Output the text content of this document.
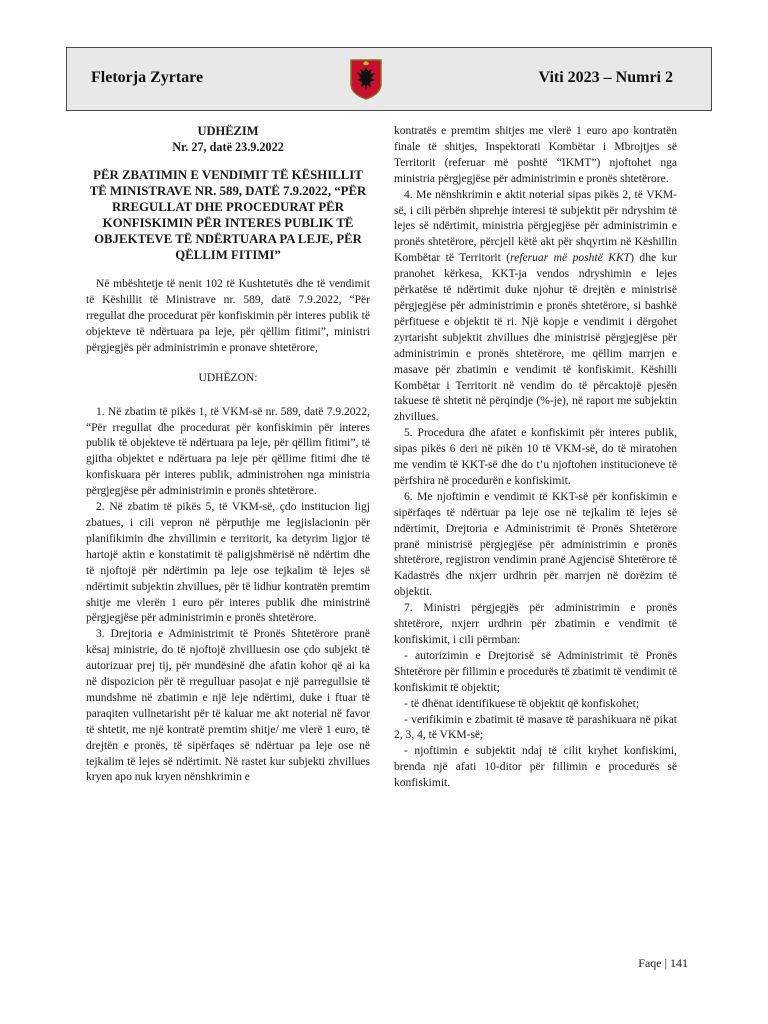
Fletorja Zyrtare	Viti 2023 – Numri 2
UDHËZIM
Nr. 27, datë 23.9.2022
PËR ZBATIMIN E VENDIMIT TË KËSHILLIT TË MINISTRAVE NR. 589, DATË 7.9.2022, “PËR RREGULLAT DHE PROCEDURAT PËR KONFISKIMIN PËR INTERES PUBLIK TË OBJEKTEVE TË NDËRTUARA PA LEJE, PËR QËLLIM FITIMI”

Në mbështetje të nenit 102 të Kushtetutës dhe të vendimit të Këshillit të Ministrave nr. 589, datë 7.9.2022, “Për rregullat dhe procedurat për konfiskimin për interes publik të objekteve të ndërtuara pa leje, për qëllim fitimi”, ministri përgjegjës për administrimin e pronave shtetërore,

UDHËZON:

1. Në zbatim të pikës 1, të VKM-së nr. 589, datë 7.9.2022, “Për rregullat dhe procedurat për konfiskimin për interes publik të objekteve të ndërtuara pa leje, për qëllim fitimi”, të gjitha objektet e ndërtuara pa leje për qëllime fitimi dhe të konfiskuara për interes publik, administrohen nga ministria përgjegjëse për administrimin e pronës shtetërore.

2. Në zbatim të pikës 5, të VKM-së, çdo institucion ligj zbatues, i cili vepron në përputhje me legjislacionin për planifikimin dhe zhvillimin e territorit, ka detyrim ligjor të hartojë aktin e konstatimit të paligjshmërisë në ndërtim dhe të njoftojë për ndërtimin pa leje ose tejkalim të lejes së ndërtimit subjektin zhvillues, për të lidhur kontratën premtim shitje me vlerën 1 euro për interes publik dhe ministrinë përgjegjëse për administrimin e pronës shtetërore.

3. Drejtoria e Administrimit të Pronës Shtetërore pranë kësaj ministrie, do të njoftojë zhvilluesin ose çdo subjekt të autorizuar prej tij, për mundësinë dhe afatin kohor që ai ka në dispozicion për të rregulluar pasojat e një parregullsie të mundshme në zbatimin e një leje ndërtimi, duke i ftuar të paraqiten vullnetarisht për të kaluar me akt noterial në favor të shtetit, me një kontratë premtim shitje/ me vlerë 1 euro, të drejtën e pronës, të sipërfaqes së ndërtuar pa leje ose në tejkalim të lejes së ndërtimit. Në rastet kur subjekti zhvillues kryen apo nuk kryen nënshkrimin e

kontratës e premtim shitjes me vlerë 1 euro apo kontratën finale të shitjes, Inspektorati Kombëtar i Mbrojtjes së Territorit (referuar më poshtë “IKMT”) njoftohet nga ministria përgjegjëse për administrimin e pronës shtetërore.

4. Me nënshkrimin e aktit noterial sipas pikës 2, të VKM-së, i cili përbën shprehje interesi të subjektit për ndryshim të lejes së ndërtimit, ministria përgjegjëse për administrimin e pronës shtetërore, përcjell këtë akt për shqyrtim në Këshillin Kombëtar të Territorit (referuar më poshtë KKT) dhe kur pranohet kërkesa, KKT-ja vendos ndryshimin e lejes përkatëse të ndërtimit duke njohur të drejtën e ministrisë përgjegjëse për administrimin e pronës shtetërore, si bashkë përfituese e objektit të ri. Një kopje e vendimit i dërgohet zyrtarisht subjektit zhvillues dhe ministrisë përgjegjëse për administrimin e pronës shtetërore, me qëllim marrjen e masave për zbatimin e vendimit të konfiskimit. Këshilli Kombëtar i Territorit në vendim do të përcaktojë pjesën takuese të shtetit në përqindje (%-je), në raport me subjektin zhvillues.

5. Procedura dhe afatet e konfiskimit për interes publik, sipas pikës 6 deri në pikën 10 të VKM-së, do të miratohen me vendim të KKT-së dhe do t’u njoftohen institucioneve të përfshira në procedurën e konfiskimit.

6. Me njoftimin e vendimit të KKT-së për konfiskimin e sipërfaqes të ndërtuar pa leje ose në tejkalim të lejes së ndërtimit, Drejtoria e Administrimit të Pronës Shtetërore pranë ministrisë përgjegjëse për administrimin e pronës shtetërore, regjistron vendimin pranë Agjencisë Shtetërore të Kadastrës dhe nxjerr urdhrin për marrjen në dorëzim të objektit.

7. Ministri përgjegjës për administrimin e pronës shtetërore, nxjerr urdhrin për zbatimin e vendimit të konfiskimit, i cili përmban:

- autorizimin e Drejtorisë së Administrimit të Pronës Shtetërore për fillimin e procedurës të zbatimit të vendimit të konfiskimit të objektit;

- të dhënat identifikuese të objektit që konfiskohet;

- verifikimin e zbatimit të masave të parashikuara në pikat 2, 3, 4, të VKM-së;

- njoftimin e subjektit ndaj të cilit kryhet konfiskimi, brenda një afati 10-ditor për fillimin e procedurës së konfiskimit.

Faqe | 141
